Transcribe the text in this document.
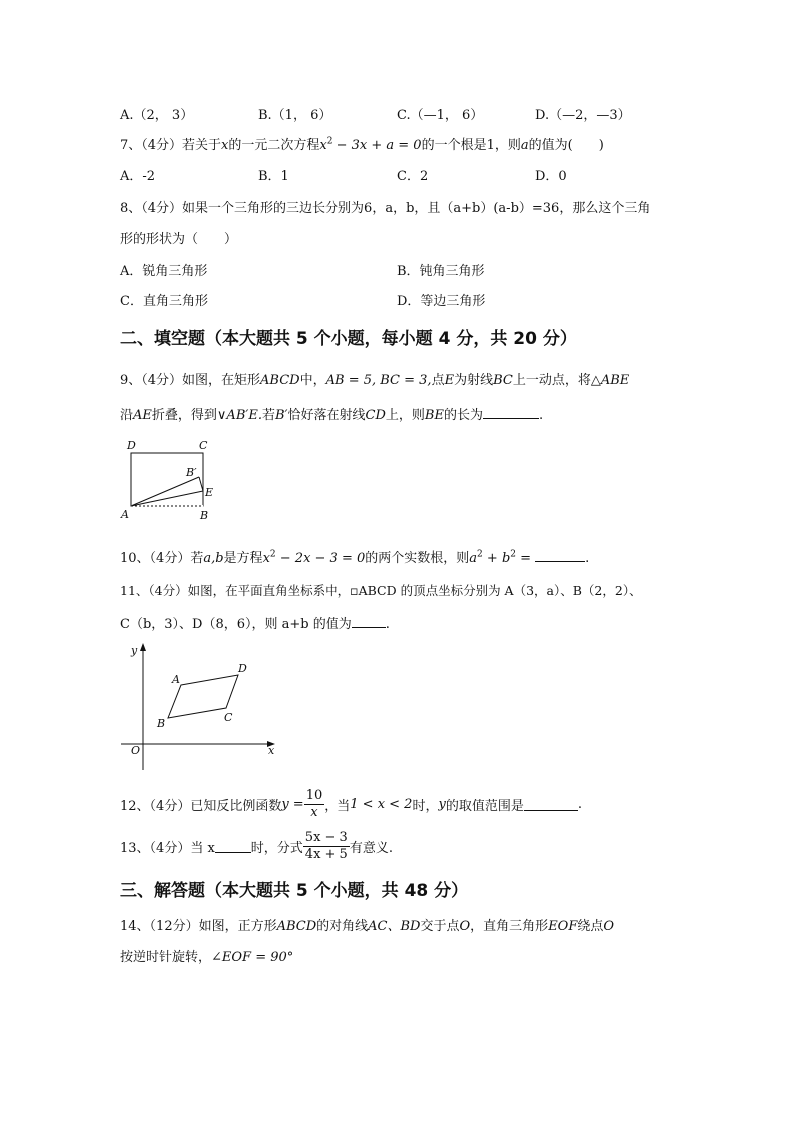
A.（2， 3）	B.（1， 6）	C.（—1， 6）	D.（—2，—3）
7、（4分）若关于x的一元二次方程$x^2 - 3x + a = 0$的一个根是1，则a的值为(　　)
A．-2	B．1	C．2	D．0
8、（4分）如果一个三角形的三边长分别为6，a，b，且（a+b）(a-b）=36，那么这个三角
形的形状为（　　）
A．锐角三角形	B．钝角三角形
C．直角三角形	D．等边三角形
二、填空题（本大题共 5 个小题，每小题 4 分，共 20 分）
9、（4分）如图，在矩形ABCD中，AB = 5, BC = 3,点E为射线BC上一动点，将△ABE
沿AE折叠，得到∨AB′E.若B′恰好落在射线CD上，则BE的长为	.
D	C
B′
E
A	B
10、（4分）若a,b是方程$x^2 - 2x - 3 = 0$的两个实数根，则$a^2 + b^2$ =	.
11、（4分）如图，在平面直角坐标系中，▫ABCD 的顶点坐标分别为 A（3，a）、B（2，2）、
C（b，3）、D（8，6），则 a+b 的值为	.
y
x
O
A
B	C
D
12、（4分）已知反比例函数 $y = \frac{10}{x}$ ，当 1 < x < 2 时， y 的取值范围是	.
13、（4分）当 x	时，分式 $\frac{5x - 3}{4x + 5}$ 有意义.
三、解答题（本大题共 5 个小题，共 48 分）
14、（12分）如图，正方形ABCD的对角线AC、BD交于点O，直角三角形EOF绕点O
按逆时针旋转，∠EOF = 90°
